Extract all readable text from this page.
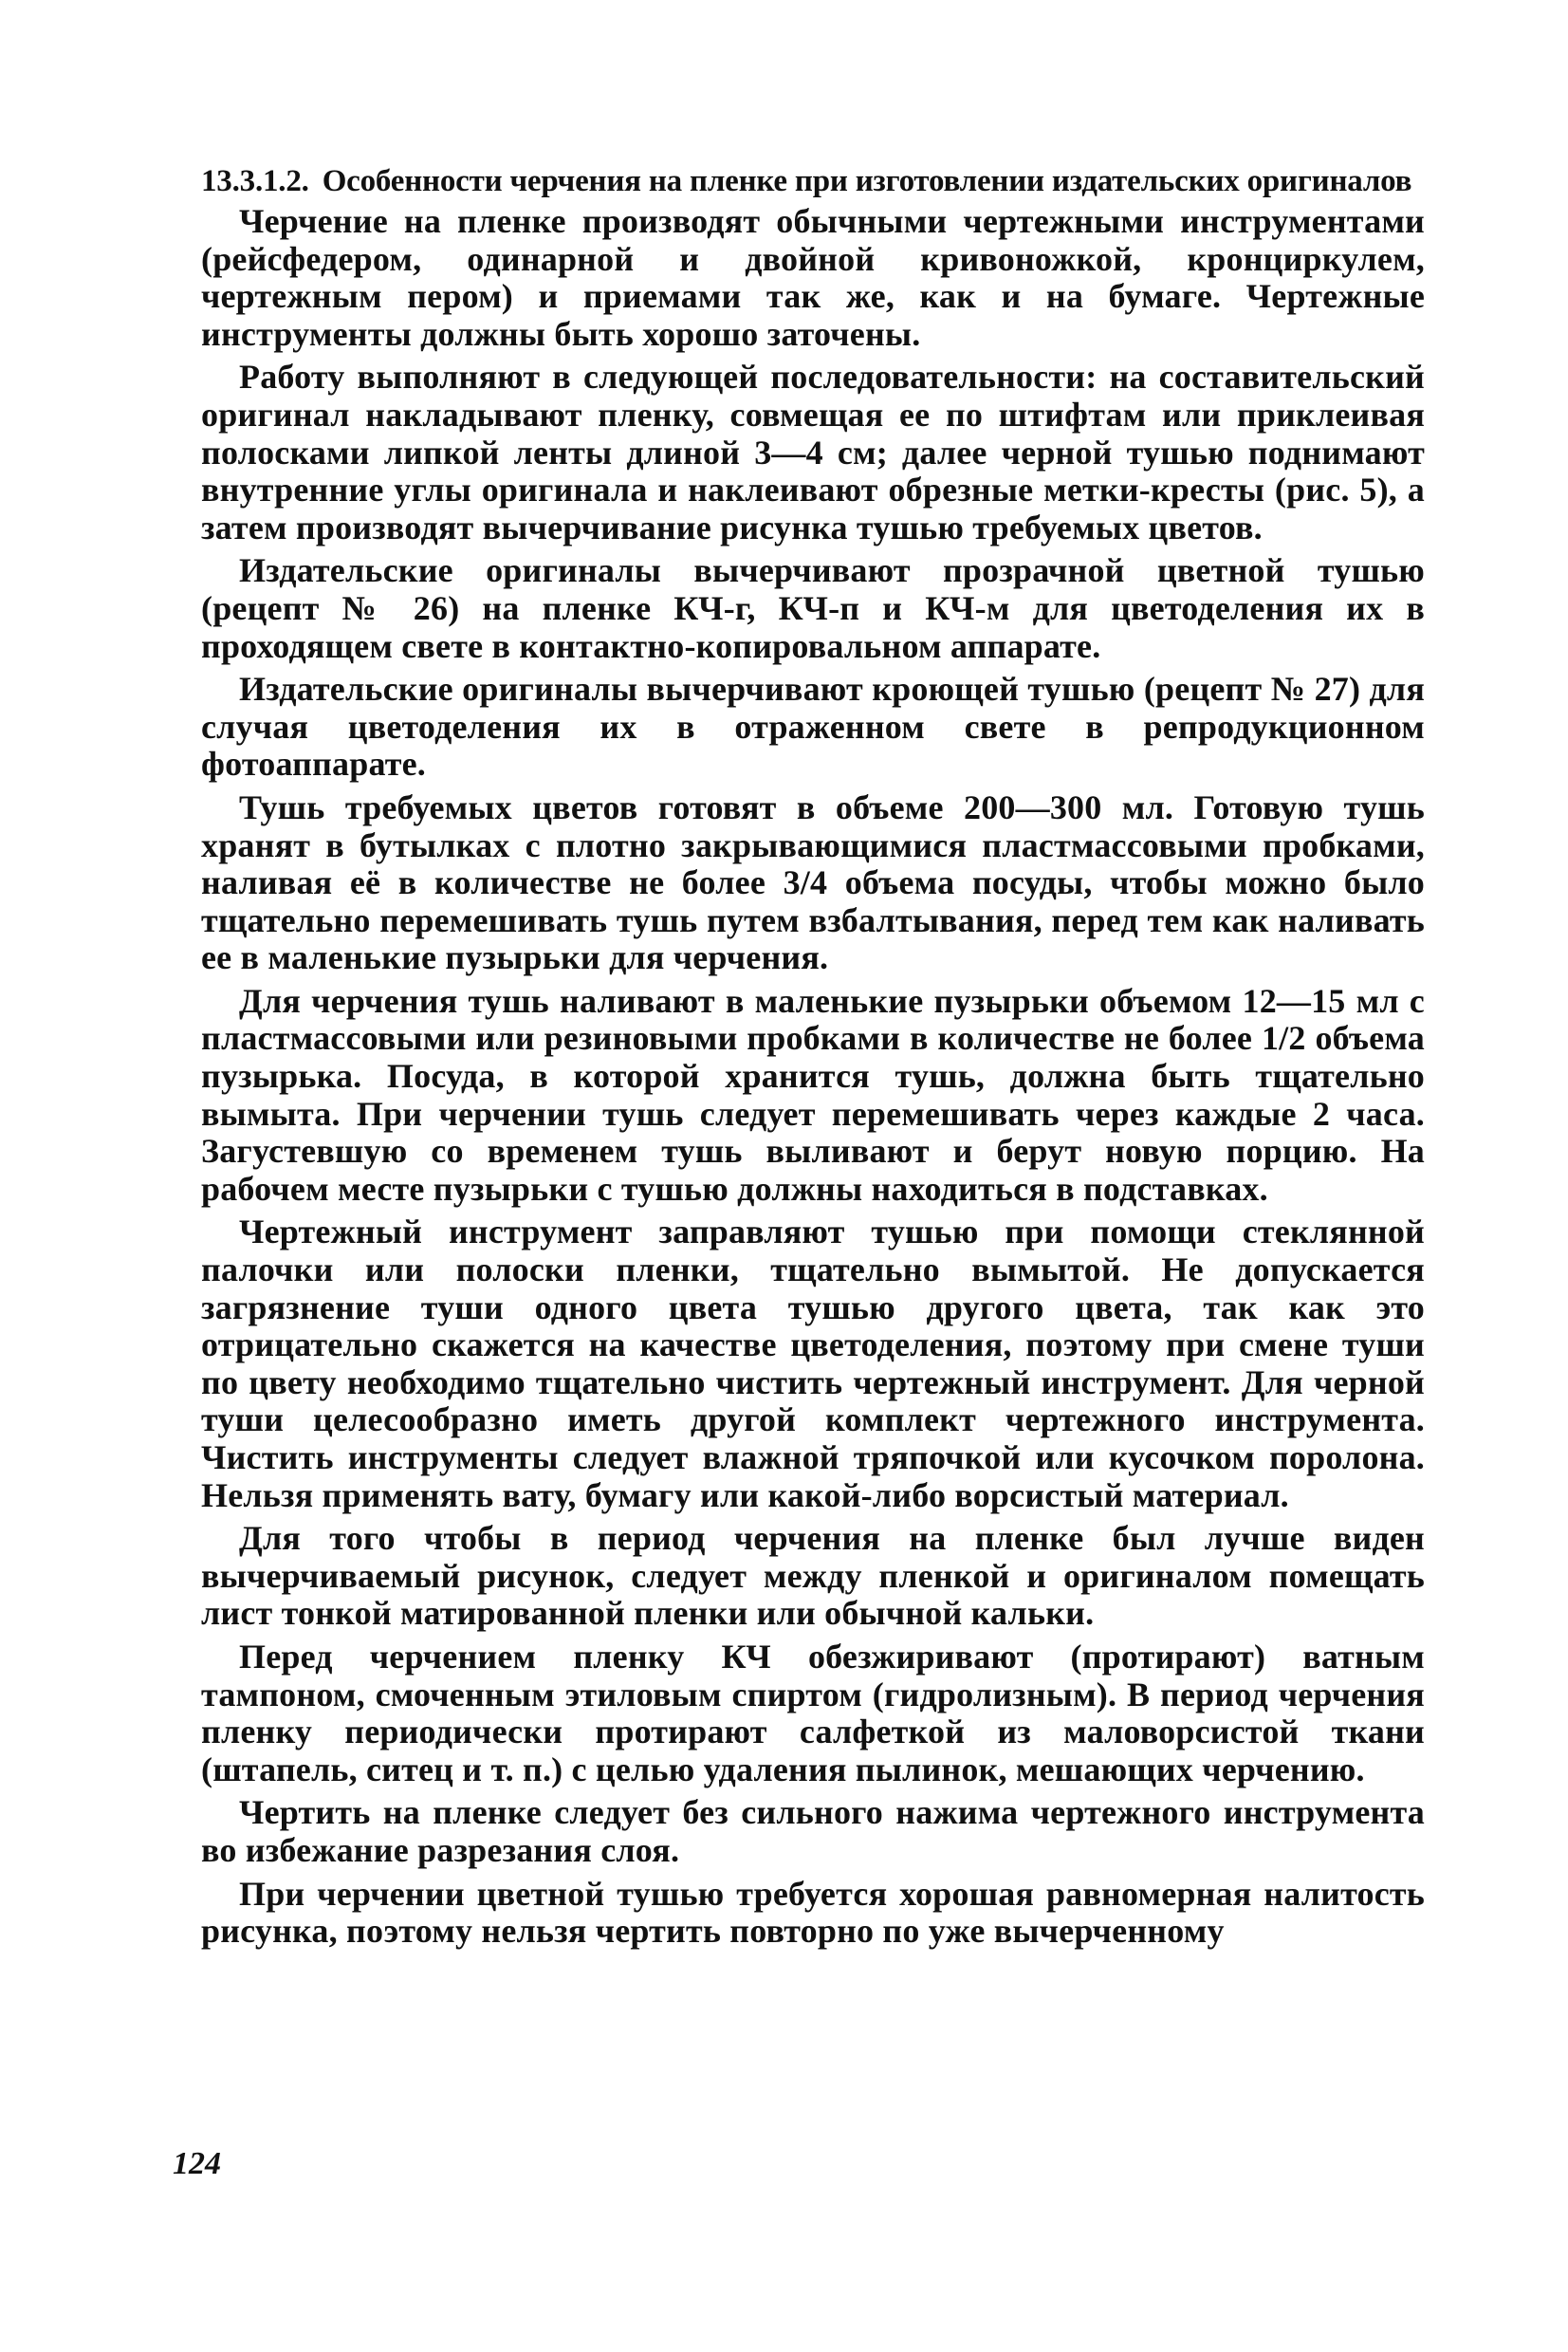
13.3.1.2. Особенности черчения на пленке при изготовлении издательских оригиналов

Черчение на пленке производят обычными чертежными инструментами (рейсфедером, одинарной и двойной кривоножкой, кронциркулем, чертежным пером) и приемами так же, как и на бумаге. Чертежные инструменты должны быть хорошо заточены.

Работу выполняют в следующей последовательности: на составительский оригинал накладывают пленку, совмещая ее по штифтам или приклеивая полосками липкой ленты длиной 3—4 см; далее черной тушью поднимают внутренние углы оригинала и наклеивают обрезные метки-кресты (рис. 5), а затем производят вычерчивание рисунка тушью требуемых цветов.

Издательские оригиналы вычерчивают прозрачной цветной тушью (рецепт № 26) на пленке КЧ-г, КЧ-п и КЧ-м для цветоделения их в проходящем свете в контактно-копировальном аппарате.

Издательские оригиналы вычерчивают кроющей тушью (рецепт № 27) для случая цветоделения их в отраженном свете в репродукционном фотоаппарате.

Тушь требуемых цветов готовят в объеме 200—300 мл. Готовую тушь хранят в бутылках с плотно закрывающимися пластмассовыми пробками, наливая её в количестве не более 3/4 объема посуды, чтобы можно было тщательно перемешивать тушь путем взбалтывания, перед тем как наливать ее в маленькие пузырьки для черчения.

Для черчения тушь наливают в маленькие пузырьки объемом 12—15 мл с пластмассовыми или резиновыми пробками в количестве не более 1/2 объема пузырька. Посуда, в которой хранится тушь, должна быть тщательно вымыта. При черчении тушь следует перемешивать через каждые 2 часа. Загустевшую со временем тушь выливают и берут новую порцию. На рабочем месте пузырьки с тушью должны находиться в подставках.

Чертежный инструмент заправляют тушью при помощи стеклянной палочки или полоски пленки, тщательно вымытой. Не допускается загрязнение туши одного цвета тушью другого цвета, так как это отрицательно скажется на качестве цветоделения, поэтому при смене туши по цвету необходимо тщательно чистить чертежный инструмент. Для черной туши целесообразно иметь другой комплект чертежного инструмента. Чистить инструменты следует влажной тряпочкой или кусочком поролона. Нельзя применять вату, бумагу или какой-либо ворсистый материал.

Для того чтобы в период черчения на пленке был лучше виден вычерчиваемый рисунок, следует между пленкой и оригиналом помещать лист тонкой матированной пленки или обычной кальки.

Перед черчением пленку КЧ обезжиривают (протирают) ватным тампоном, смоченным этиловым спиртом (гидролизным). В период черчения пленку периодически протирают салфеткой из маловорсистой ткани (штапель, ситец и т. п.) с целью удаления пылинок, мешающих черчению.

Чертить на пленке следует без сильного нажима чертежного инструмента во избежание разрезания слоя.

При черчении цветной тушью требуется хорошая равномерная налитость рисунка, поэтому нельзя чертить повторно по уже вычерченному

124
